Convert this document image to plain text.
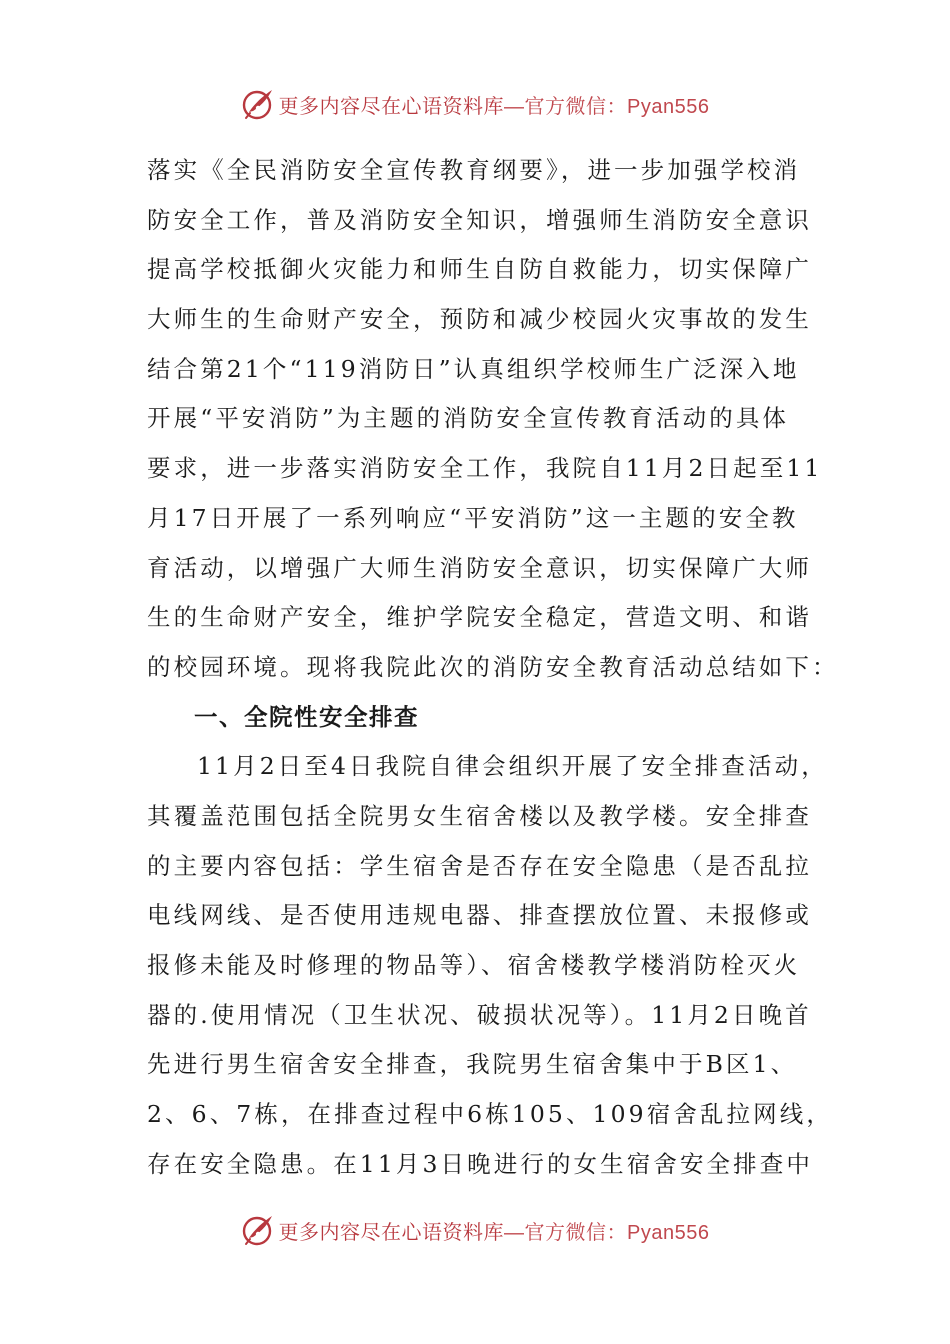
更多内容尽在心语资料库 —官方微信：Pyan556
落实《全民消防安全宣传教育纲要》，进一步加强学校消
防安全工作，普及消防安全知识，增强师生消防安全意识
提高学校抵御火灾能力和师生自防自救能力，切实保障广
大师生的生命财产安全，预防和减少校园火灾事故的发生
结合第21个“119消防日”认真组织学校师生广泛深入地
开展“平安消防”为主题的消防安全宣传教育活动的具体
要求，进一步落实消防安全工作，我院自11月2日起至11
月17日开展了一系列响应“平安消防”这一主题的安全教
育活动，以增强广大师生消防安全意识，切实保障广大师
生的生命财产安全，维护学院安全稳定，营造文明、和谐
的校园环境。现将我院此次的消防安全教育活动总结如下：
一、全院性安全排查
11月2日至4日我院自律会组织开展了安全排查活动，
其覆盖范围包括全院男女生宿舍楼以及教学楼。安全排查
的主要内容包括：学生宿舍是否存在安全隐患（是否乱拉
电线网线、是否使用违规电器、排查摆放位置、未报修或
报修未能及时修理的物品等）、宿舍楼教学楼消防栓灭火
器的.使用情况（卫生状况、破损状况等）。11月2日晚首
先进行男生宿舍安全排查，我院男生宿舍集中于B区1、
2、6、7栋，在排查过程中6栋105、109宿舍乱拉网线，
存在安全隐患。在11月3日晚进行的女生宿舍安全排查中
更多内容尽在心语资料库 —官方微信：Pyan556
